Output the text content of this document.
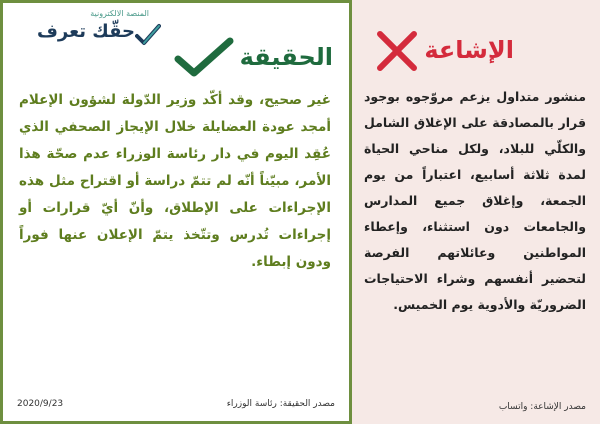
المنصة الالكترونية
حقّك تعرف
الحقيقة
غير صحيح، وقد أكّد وزير الدّولة لشؤون الإعلام أمجد عودة العضايلة خلال الإيجاز الصحفي الذي عُقِد اليوم في دار رئاسة الوزراء عدم صحّة هذا الأمر، مبيّناً أنّه لم تتمّ دراسة أو اقتراح مثل هذه الإجراءات على الإطلاق، وأنّ أيّ قرارات أو إجراءات تُدرس وتتّخذ يتمّ الإعلان عنها فوراً ودون إبطاء.
مصدر الحقيقة: رئاسة الوزراء
2020/9/23
الإشاعة
منشور متداول يزعم مروّجوه بوجود قرار بالمصادقة على الإغلاق الشامل والكلّي للبلاد، ولكل مناحي الحياة لمدة ثلاثة أسابيع، اعتباراً من يوم الجمعة، وإغلاق جميع المدارس والجامعات دون استثناء، وإعطاء المواطنين وعائلاتهم الفرصة لتحضير أنفسهم وشراء الاحتياجات الضروريّة والأدوية يوم الخميس.
مصدر الإشاعة: واتساب
